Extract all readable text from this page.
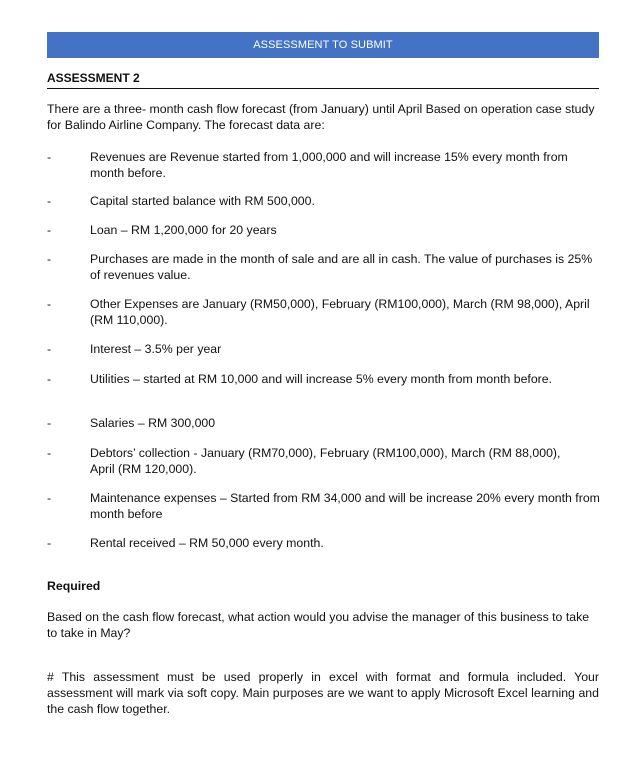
ASSESSMENT TO SUBMIT
ASSESSMENT 2
There are a three- month cash flow forecast (from January) until April Based on operation case study for Balindo Airline Company. The forecast data are:
-	Revenues are Revenue started from 1,000,000 and will increase 15% every month from month before.
-	Capital started balance with RM 500,000.
-	Loan – RM 1,200,000 for 20 years
-	Purchases are made in the month of sale and are all in cash. The value of purchases is 25% of revenues value.
-	Other Expenses are January (RM50,000), February (RM100,000), March (RM 98,000), April (RM 110,000).
-	Interest – 3.5% per year
-	Utilities – started at RM 10,000 and will increase 5% every month from month before.
-	Salaries – RM 300,000
-	Debtors’ collection - January (RM70,000), February (RM100,000), March (RM 88,000), April (RM 120,000).
-	Maintenance expenses – Started from RM 34,000 and will be increase 20% every month from month before
-	Rental received – RM 50,000 every month.
Required
Based on the cash flow forecast, what action would you advise the manager of this business to take to take in May?
# This assessment must be used properly in excel with format and formula included. Your assessment will mark via soft copy. Main purposes are we want to apply Microsoft Excel learning and the cash flow together.
